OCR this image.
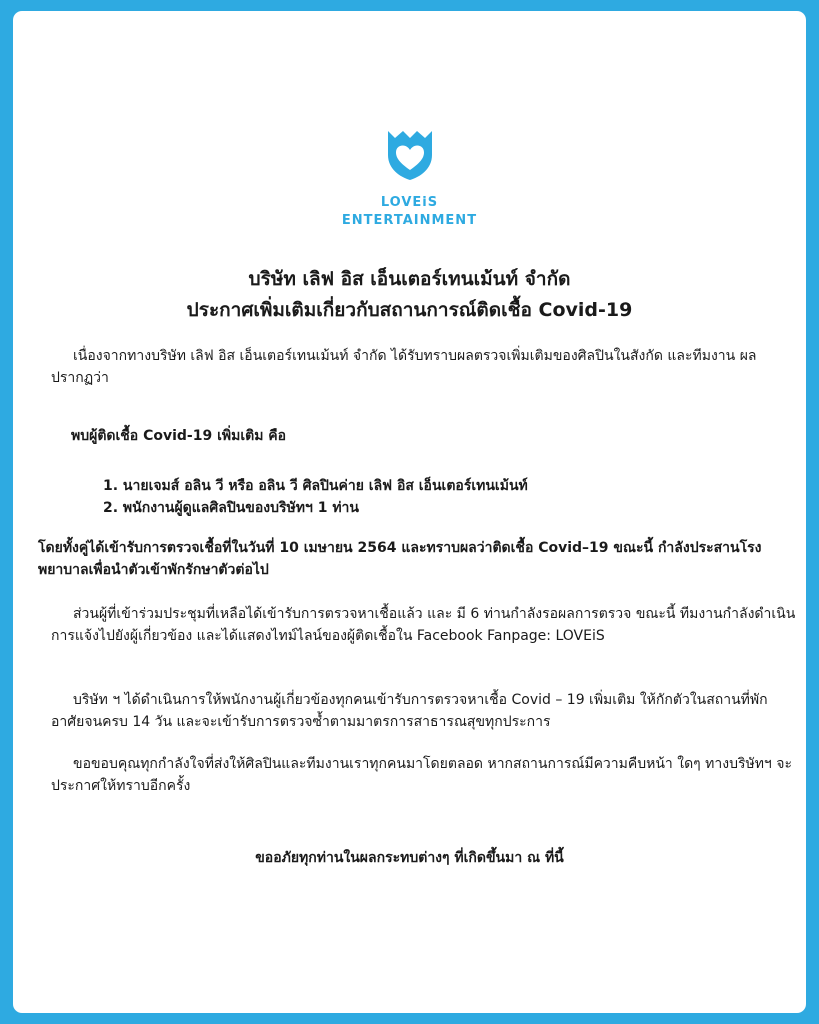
LOVEiS
ENTERTAINMENT
บริษัท เลิฟ อิส เอ็นเตอร์เทนเม้นท์ จำกัด
ประกาศเพิ่มเติมเกี่ยวกับสถานการณ์ติดเชื้อ Covid-19

เนื่องจากทางบริษัท เลิฟ อิส เอ็นเตอร์เทนเม้นท์ จำกัด ได้รับทราบผลตรวจเพิ่มเติมของศิลปินในสังกัด และทีมงาน ผลปรากฏว่า

พบผู้ติดเชื้อ Covid-19 เพิ่มเติม คือ

1. นายเจมส์ อลิน วี หรือ อลิน วี ศิลปินค่าย เลิฟ อิส เอ็นเตอร์เทนเม้นท์
2. พนักงานผู้ดูแลศิลปินของบริษัทฯ 1 ท่าน

โดยทั้งคู่ได้เข้ารับการตรวจเชื้อที่ในวันที่ 10 เมษายน 2564 และทราบผลว่าติดเชื้อ Covid–19 ขณะนี้ กำลังประสานโรงพยาบาลเพื่อนำตัวเข้าพักรักษาตัวต่อไป

ส่วนผู้ที่เข้าร่วมประชุมที่เหลือได้เข้ารับการตรวจหาเชื้อแล้ว และ มี 6 ท่านกำลังรอผลการตรวจ ขณะนี้ ทีมงานกำลังดำเนินการแจ้งไปยังผู้เกี่ยวข้อง และได้แสดงไทม์ไลน์ของผู้ติดเชื้อใน Facebook Fanpage: LOVEiS

บริษัท ฯ ได้ดำเนินการให้พนักงานผู้เกี่ยวข้องทุกคนเข้ารับการตรวจหาเชื้อ Covid – 19 เพิ่มเติม ให้กักตัวในสถานที่พักอาศัยจนครบ 14 วัน และจะเข้ารับการตรวจซ้ำตามมาตรการสาธารณสุขทุกประการ

ขอขอบคุณทุกกำลังใจที่ส่งให้ศิลปินและทีมงานเราทุกคนมาโดยตลอด หากสถานการณ์มีความคืบหน้า ใดๆ ทางบริษัทฯ จะประกาศให้ทราบอีกครั้ง

ขออภัยทุกท่านในผลกระทบต่างๆ ที่เกิดขึ้นมา ณ ที่นี้
